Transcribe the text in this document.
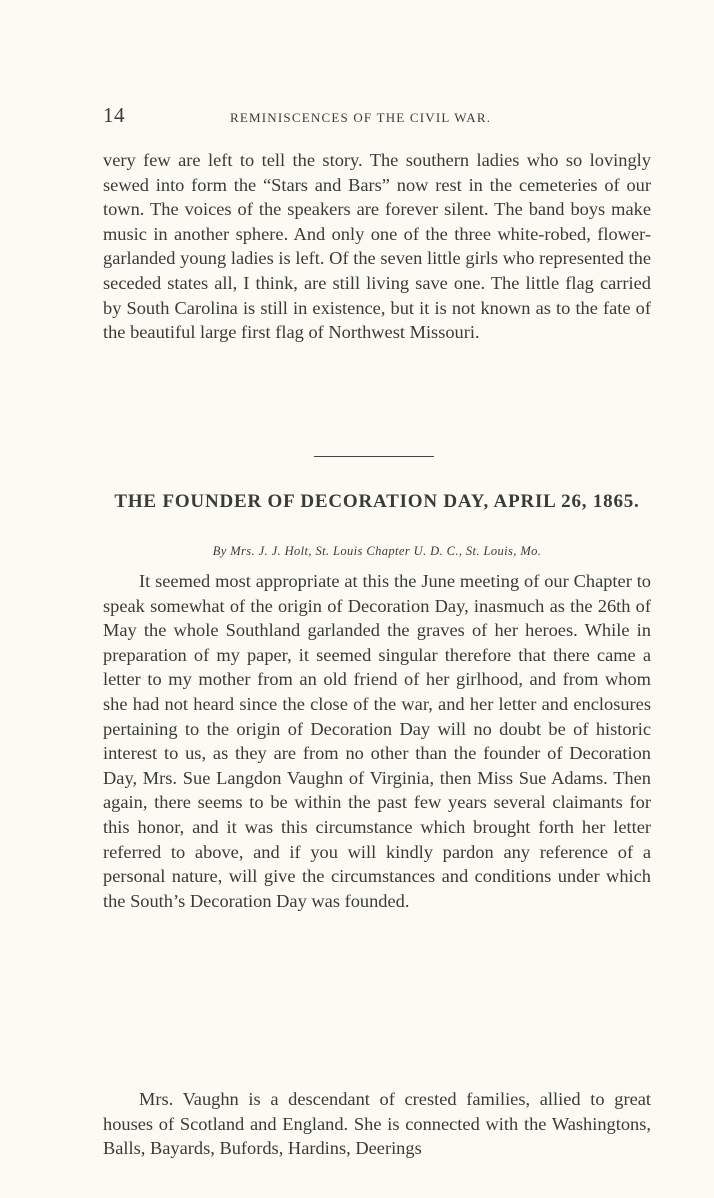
14	REMINISCENCES OF THE CIVIL WAR.

very few are left to tell the story. The southern ladies who so lovingly sewed into form the “Stars and Bars” now rest in the cemeteries of our town. The voices of the speakers are forever silent. The band boys make music in another sphere. And only one of the three white-robed, flower-garlanded young ladies is left. Of the seven little girls who represented the seceded states all, I think, are still living save one. The little flag carried by South Carolina is still in existence, but it is not known as to the fate of the beautiful large first flag of Northwest Missouri.

THE FOUNDER OF DECORATION DAY, APRIL 26, 1865.

By Mrs. J. J. Holt, St. Louis Chapter U. D. C., St. Louis, Mo.

It seemed most appropriate at this the June meeting of our Chapter to speak somewhat of the origin of Decoration Day, inasmuch as the 26th of May the whole Southland garlanded the graves of her heroes. While in preparation of my paper, it seemed singular therefore that there came a letter to my mother from an old friend of her girlhood, and from whom she had not heard since the close of the war, and her letter and enclosures pertaining to the origin of Decoration Day will no doubt be of historic interest to us, as they are from no other than the founder of Decoration Day, Mrs. Sue Langdon Vaughn of Virginia, then Miss Sue Adams. Then again, there seems to be within the past few years several claimants for this honor, and it was this circumstance which brought forth her letter referred to above, and if you will kindly pardon any reference of a personal nature, will give the circumstances and conditions under which the South’s Decoration Day was founded.

Mrs. Vaughn is a descendant of crested families, allied to great houses of Scotland and England. She is connected with the Washingtons, Balls, Bayards, Bufords, Hardins, Deerings
